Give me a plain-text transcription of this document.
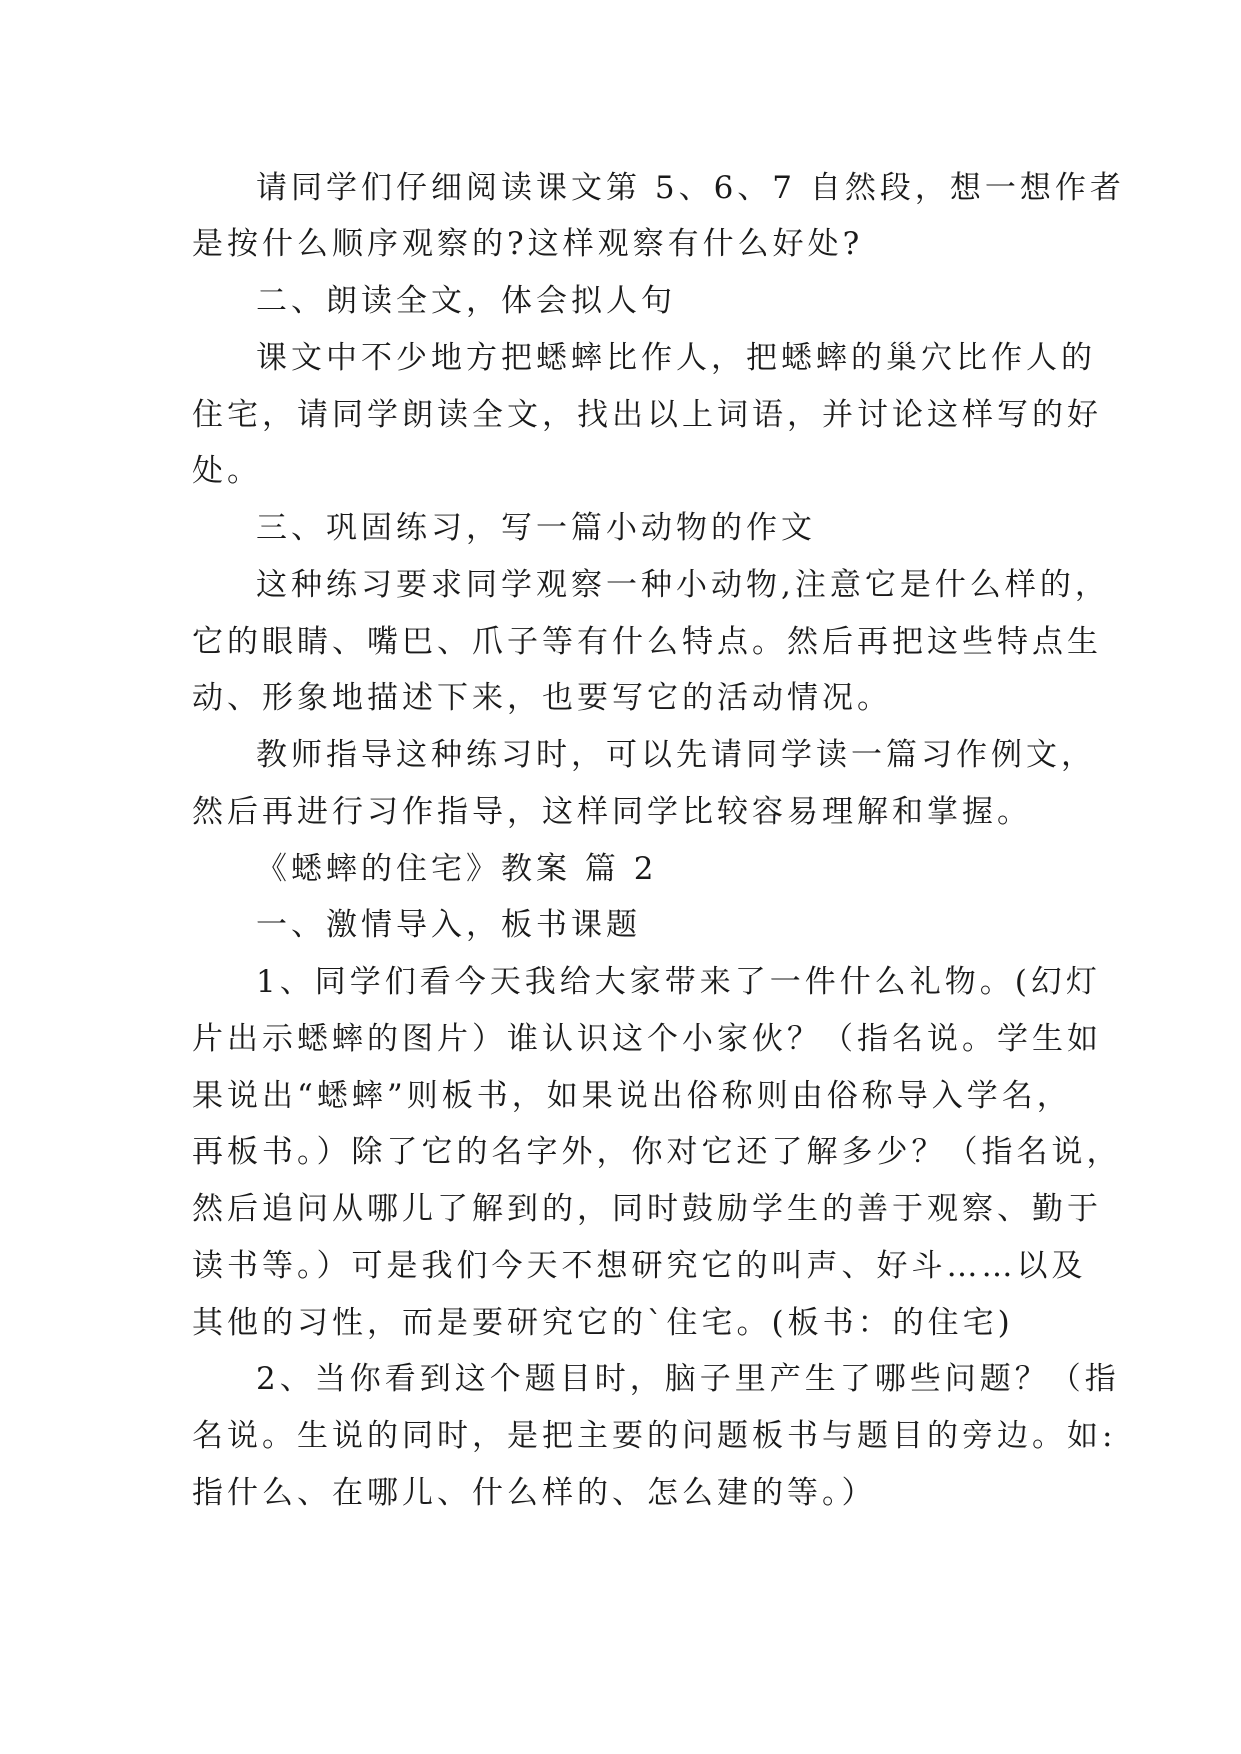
请同学们仔细阅读课文第 5、6、7 自然段，想一想作者
是按什么顺序观察的?这样观察有什么好处?
二、朗读全文，体会拟人句
课文中不少地方把蟋蟀比作人，把蟋蟀的巢穴比作人的
住宅，请同学朗读全文，找出以上词语，并讨论这样写的好
处。
三、巩固练习，写一篇小动物的作文
这种练习要求同学观察一种小动物,注意它是什么样的，
它的眼睛、嘴巴、爪子等有什么特点。然后再把这些特点生
动、形象地描述下来，也要写它的活动情况。
教师指导这种练习时，可以先请同学读一篇习作例文，
然后再进行习作指导，这样同学比较容易理解和掌握。
《蟋蟀的住宅》教案 篇 2
一、激情导入，板书课题
1、同学们看今天我给大家带来了一件什么礼物。(幻灯
片出示蟋蟀的图片）谁认识这个小家伙？（指名说。学生如
果说出“蟋蟀”则板书，如果说出俗称则由俗称导入学名，
再板书。）除了它的名字外，你对它还了解多少？（指名说，
然后追问从哪儿了解到的，同时鼓励学生的善于观察、勤于
读书等。）可是我们今天不想研究它的叫声、好斗……以及
其他的习性，而是要研究它的`住宅。(板书：的住宅)
2、当你看到这个题目时，脑子里产生了哪些问题？（指
名说。生说的同时，是把主要的问题板书与题目的旁边。如:
指什么、在哪儿、什么样的、怎么建的等。）
